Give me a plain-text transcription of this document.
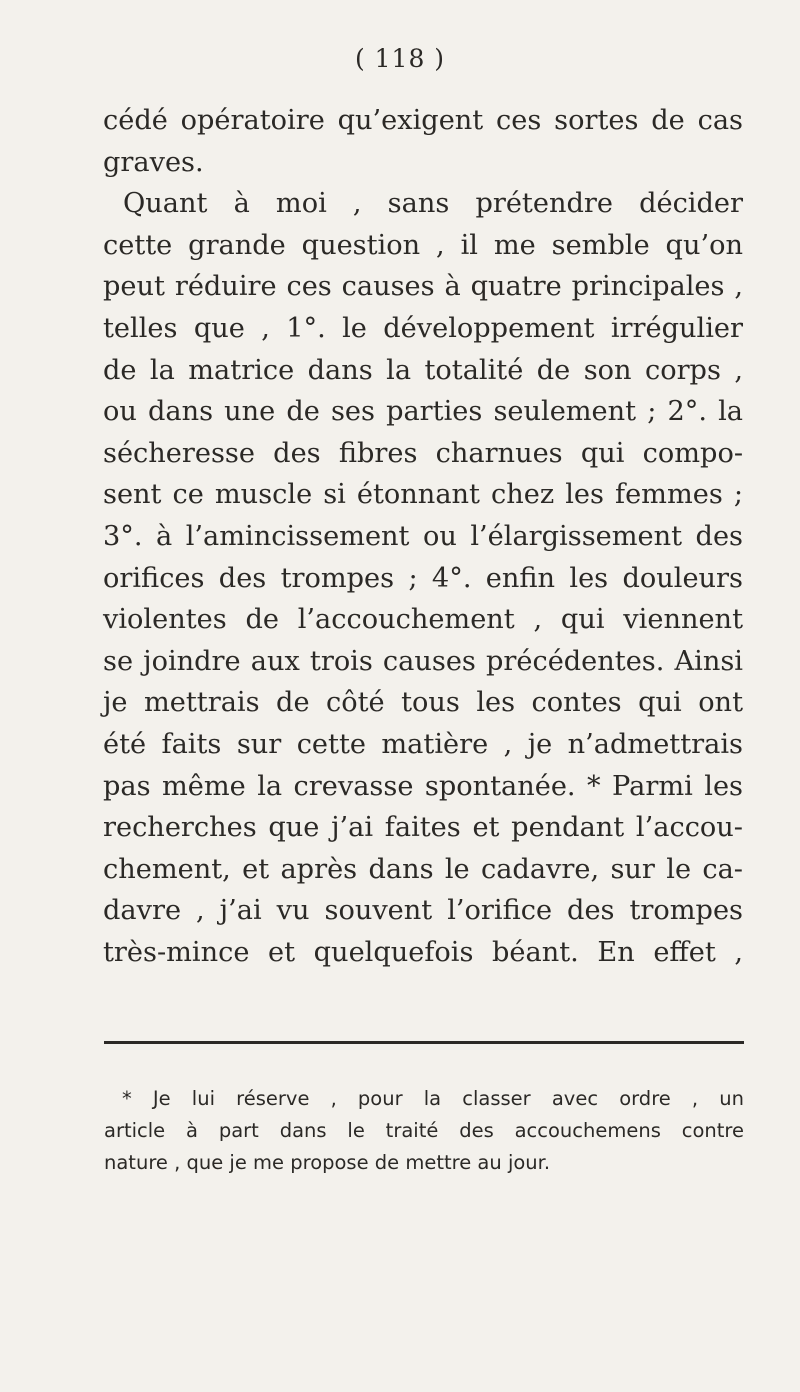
( 118 )
cédé opératoire qu’exigent ces sortes de cas
graves.
Quant à moi , sans prétendre décider
cette grande question , il me semble qu’on
peut réduire ces causes à quatre principales ,
telles que , 1°. le développement irrégulier
de la matrice dans la totalité de son corps ,
ou dans une de ses parties seulement ; 2°. la
sécheresse des fibres charnues qui compo-
sent ce muscle si étonnant chez les femmes ;
3°. à l’amincissement ou l’élargissement des
orifices des trompes ; 4°. enfin les douleurs
violentes de l’accouchement , qui viennent
se joindre aux trois causes précédentes. Ainsi
je mettrais de côté tous les contes qui ont
été faits sur cette matière , je n’admettrais
pas même la crevasse spontanée. * Parmi les
recherches que j’ai faites et pendant l’accou-
chement, et après dans le cadavre, sur le ca-
davre , j’ai vu souvent l’orifice des trompes
très-mince et quelquefois béant. En effet ,
* Je lui réserve , pour la classer avec ordre , un
article à part dans le traité des accouchemens contre
nature , que je me propose de mettre au jour.
